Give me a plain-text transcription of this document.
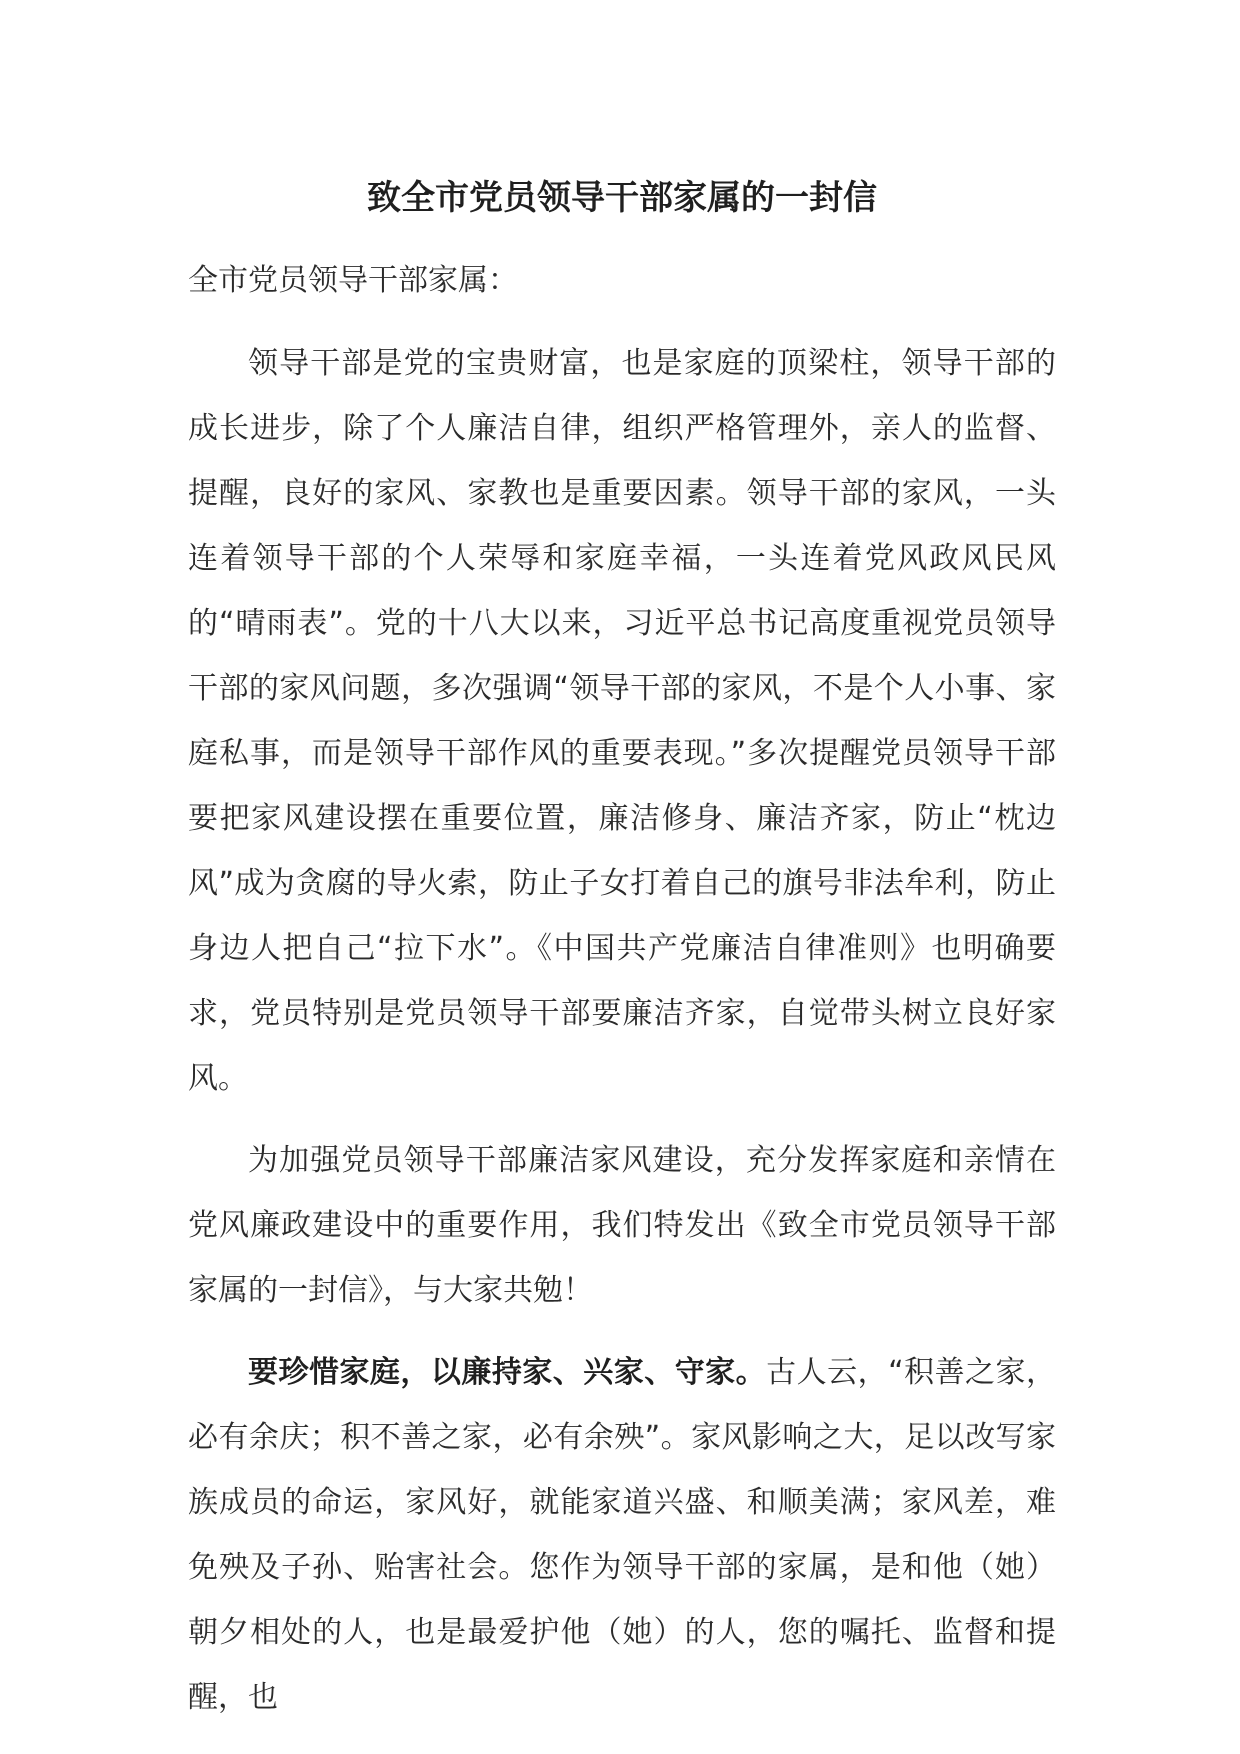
致全市党员领导干部家属的一封信

全市党员领导干部家属：

领导干部是党的宝贵财富，也是家庭的顶梁柱，领导干部的成长进步，除了个人廉洁自律，组织严格管理外，亲人的监督、提醒，良好的家风、家教也是重要因素。领导干部的家风，一头连着领导干部的个人荣辱和家庭幸福，一头连着党风政风民风的“晴雨表”。党的十八大以来，习近平总书记高度重视党员领导干部的家风问题，多次强调“领导干部的家风，不是个人小事、家庭私事，而是领导干部作风的重要表现。”多次提醒党员领导干部要把家风建设摆在重要位置，廉洁修身、廉洁齐家，防止“枕边风”成为贪腐的导火索，防止子女打着自己的旗号非法牟利，防止身边人把自己“拉下水”。《中国共产党廉洁自律准则》也明确要求，党员特别是党员领导干部要廉洁齐家，自觉带头树立良好家风。

为加强党员领导干部廉洁家风建设，充分发挥家庭和亲情在党风廉政建设中的重要作用，我们特发出《致全市党员领导干部家属的一封信》，与大家共勉！

要珍惜家庭，以廉持家、兴家、守家。古人云，“积善之家，必有余庆；积不善之家，必有余殃”。家风影响之大，足以改写家族成员的命运，家风好，就能家道兴盛、和顺美满；家风差，难免殃及子孙、贻害社会。您作为领导干部的家属，是和他（她）朝夕相处的人，也是最爱护他（她）的人，您的嘱托、监督和提醒，也
